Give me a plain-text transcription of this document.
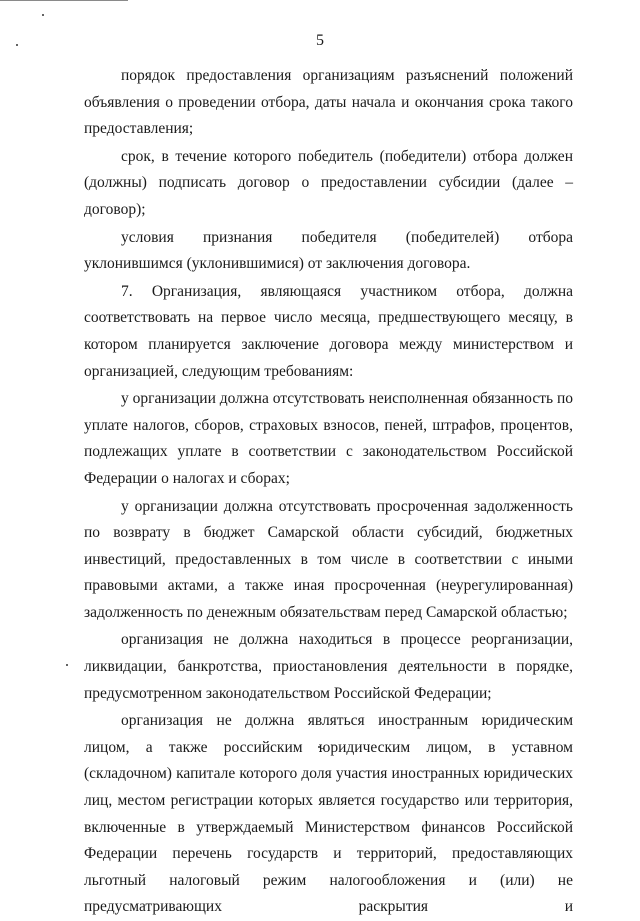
5

порядок предоставления организациям разъяснений положений объявления о проведении отбора, даты начала и окончания срока такого предоставления;

срок, в течение которого победитель (победители) отбора должен (должны) подписать договор о предоставлении субсидии (далее – договор);

условия признания победителя (победителей) отбора уклонившимся (уклонившимися) от заключения договора.

7. Организация, являющаяся участником отбора, должна соответствовать на первое число месяца, предшествующего месяцу, в котором планируется заключение договора между министерством и организацией, следующим требованиям:

у организации должна отсутствовать неисполненная обязанность по уплате налогов, сборов, страховых взносов, пеней, штрафов, процентов, подлежащих уплате в соответствии с законодательством Российской Федерации о налогах и сборах;

у организации должна отсутствовать просроченная задолженность по возврату в бюджет Самарской области субсидий, бюджетных инвестиций, предоставленных в том числе в соответствии с иными правовыми актами, а также иная просроченная (неурегулированная) задолженность по денежным обязательствам перед Самарской областью;

организация не должна находиться в процессе реорганизации, ликвидации, банкротства, приостановления деятельности в порядке, предусмотренном законодательством Российской Федерации;

организация не должна являться иностранным юридическим лицом, а также российским юридическим лицом, в уставном (складочном) капитале которого доля участия иностранных юридических лиц, местом регистрации которых является государство или территория, включенные в утверждаемый Министерством финансов Российской Федерации перечень государств и территорий, предоставляющих льготный налоговый режим налогообложения и (или) не предусматривающих раскрытия и
